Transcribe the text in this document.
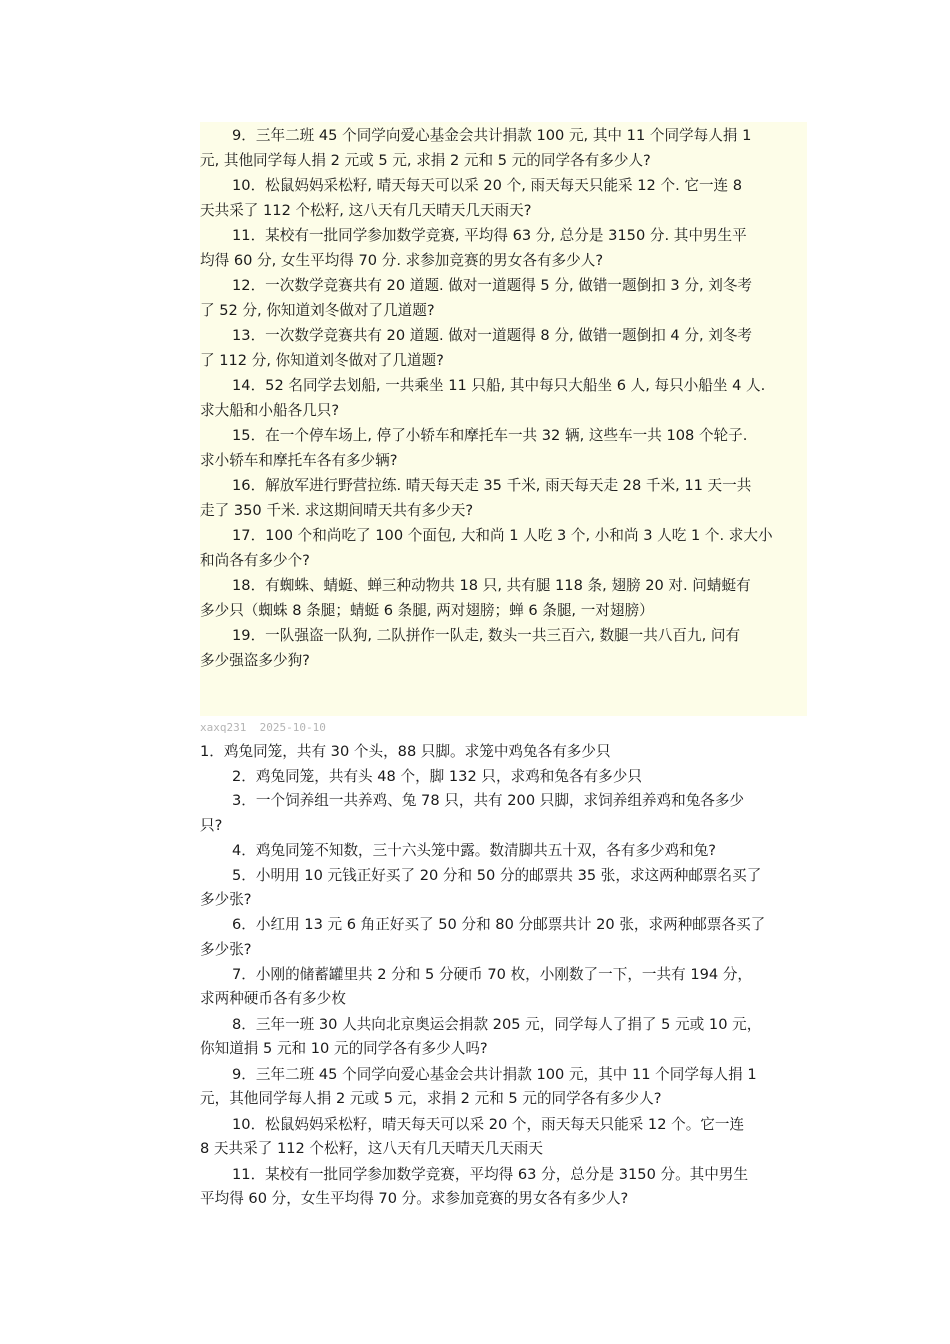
9．三年二班 45 个同学向爱心基金会共计捐款 100 元, 其中 11 个同学每人捐 1
元, 其他同学每人捐 2 元或 5 元, 求捐 2 元和 5 元的同学各有多少人?
10．松鼠妈妈采松籽, 晴天每天可以采 20 个, 雨天每天只能采 12 个. 它一连 8
天共采了 112 个松籽, 这八天有几天晴天几天雨天?
11．某校有一批同学参加数学竞赛, 平均得 63 分, 总分是 3150 分. 其中男生平
均得 60 分, 女生平均得 70 分. 求参加竞赛的男女各有多少人?
12．一次数学竞赛共有 20 道题. 做对一道题得 5 分, 做错一题倒扣 3 分, 刘冬考
了 52 分, 你知道刘冬做对了几道题?
13．一次数学竞赛共有 20 道题. 做对一道题得 8 分, 做错一题倒扣 4 分, 刘冬考
了 112 分, 你知道刘冬做对了几道题?
14．52 名同学去划船, 一共乘坐 11 只船, 其中每只大船坐 6 人, 每只小船坐 4 人.
求大船和小船各几只?
15．在一个停车场上, 停了小轿车和摩托车一共 32 辆, 这些车一共 108 个轮子.
求小轿车和摩托车各有多少辆?
16．解放军进行野营拉练. 晴天每天走 35 千米, 雨天每天走 28 千米, 11 天一共
走了 350 千米. 求这期间晴天共有多少天?
17．100 个和尚吃了 100 个面包, 大和尚 1 人吃 3 个, 小和尚 3 人吃 1 个. 求大小
和尚各有多少个?
18．有蜘蛛、蜻蜓、蝉三种动物共 18 只, 共有腿 118 条, 翅膀 20 对. 问蜻蜓有
多少只（蜘蛛 8 条腿；蜻蜓 6 条腿, 两对翅膀；蝉 6 条腿, 一对翅膀）
19．一队强盗一队狗, 二队拼作一队走, 数头一共三百六, 数腿一共八百九, 问有
多少强盗多少狗?
xaxq231 2025-10-10
1．鸡兔同笼，共有 30 个头，88 只脚。求笼中鸡兔各有多少只
2．鸡兔同笼，共有头 48 个，脚 132 只，求鸡和兔各有多少只
3．一个饲养组一共养鸡、兔 78 只，共有 200 只脚，求饲养组养鸡和兔各多少
只?
4．鸡兔同笼不知数，三十六头笼中露。数清脚共五十双，各有多少鸡和兔?
5．小明用 10 元钱正好买了 20 分和 50 分的邮票共 35 张，求这两种邮票名买了
多少张?
6．小红用 13 元 6 角正好买了 50 分和 80 分邮票共计 20 张，求两种邮票各买了
多少张?
7．小刚的储蓄罐里共 2 分和 5 分硬币 70 枚，小刚数了一下，一共有 194 分，
求两种硬币各有多少枚
8．三年一班 30 人共向北京奥运会捐款 205 元，同学每人了捐了 5 元或 10 元，
你知道捐 5 元和 10 元的同学各有多少人吗?
9．三年二班 45 个同学向爱心基金会共计捐款 100 元，其中 11 个同学每人捐 1
元，其他同学每人捐 2 元或 5 元，求捐 2 元和 5 元的同学各有多少人?
10．松鼠妈妈采松籽，晴天每天可以采 20 个，雨天每天只能采 12 个。它一连
8 天共采了 112 个松籽，这八天有几天晴天几天雨天
11．某校有一批同学参加数学竞赛，平均得 63 分，总分是 3150 分。其中男生
平均得 60 分，女生平均得 70 分。求参加竞赛的男女各有多少人?
